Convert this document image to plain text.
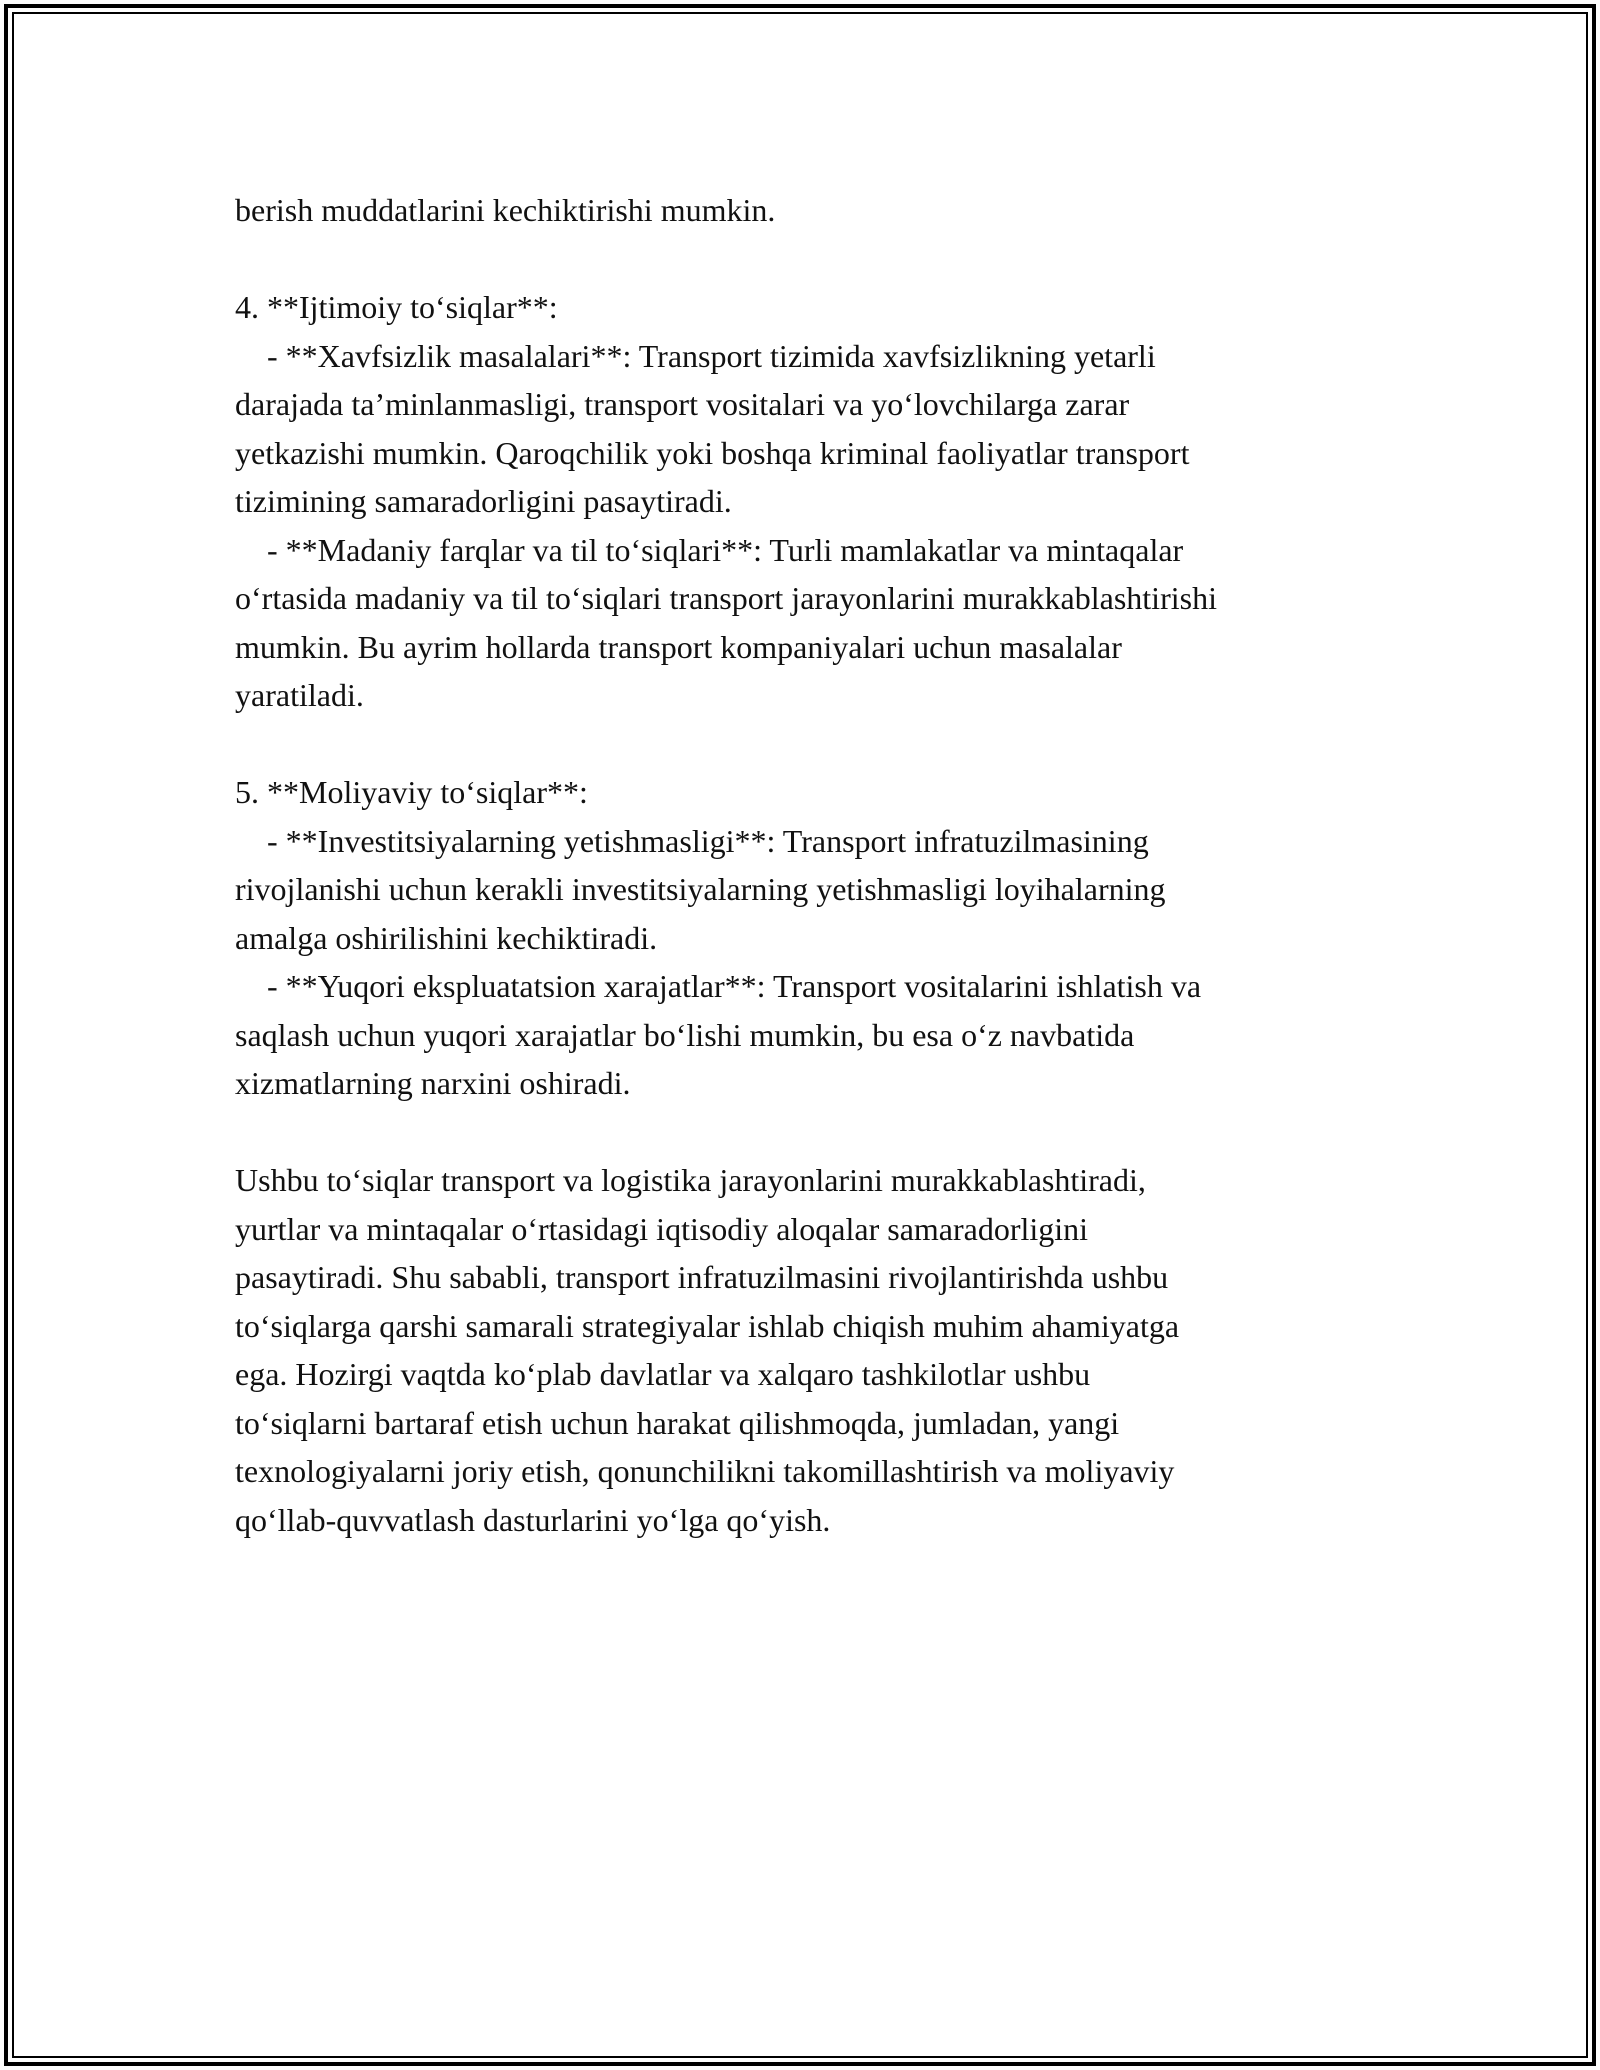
berish muddatlarini kechiktirishi mumkin.
4. **Ijtimoiy to‘siqlar**:
- **Xavfsizlik masalalari**: Transport tizimida xavfsizlikning yetarli
darajada ta’minlanmasligi, transport vositalari va yo‘lovchilarga zarar
yetkazishi mumkin. Qaroqchilik yoki boshqa kriminal faoliyatlar transport
tizimining samaradorligini pasaytiradi.
- **Madaniy farqlar va til to‘siqlari**: Turli mamlakatlar va mintaqalar
o‘rtasida madaniy va til to‘siqlari transport jarayonlarini murakkablashtirishi
mumkin. Bu ayrim hollarda transport kompaniyalari uchun masalalar
yaratiladi.
5. **Moliyaviy to‘siqlar**:
- **Investitsiyalarning yetishmasligi**: Transport infratuzilmasining
rivojlanishi uchun kerakli investitsiyalarning yetishmasligi loyihalarning
amalga oshirilishini kechiktiradi.
- **Yuqori ekspluatatsion xarajatlar**: Transport vositalarini ishlatish va
saqlash uchun yuqori xarajatlar bo‘lishi mumkin, bu esa o‘z navbatida
xizmatlarning narxini oshiradi.
Ushbu to‘siqlar transport va logistika jarayonlarini murakkablashtiradi,
yurtlar va mintaqalar o‘rtasidagi iqtisodiy aloqalar samaradorligini
pasaytiradi. Shu sababli, transport infratuzilmasini rivojlantirishda ushbu
to‘siqlarga qarshi samarali strategiyalar ishlab chiqish muhim ahamiyatga
ega. Hozirgi vaqtda ko‘plab davlatlar va xalqaro tashkilotlar ushbu
to‘siqlarni bartaraf etish uchun harakat qilishmoqda, jumladan, yangi
texnologiyalarni joriy etish, qonunchilikni takomillashtirish va moliyaviy
qo‘llab-quvvatlash dasturlarini yo‘lga qo‘yish.
